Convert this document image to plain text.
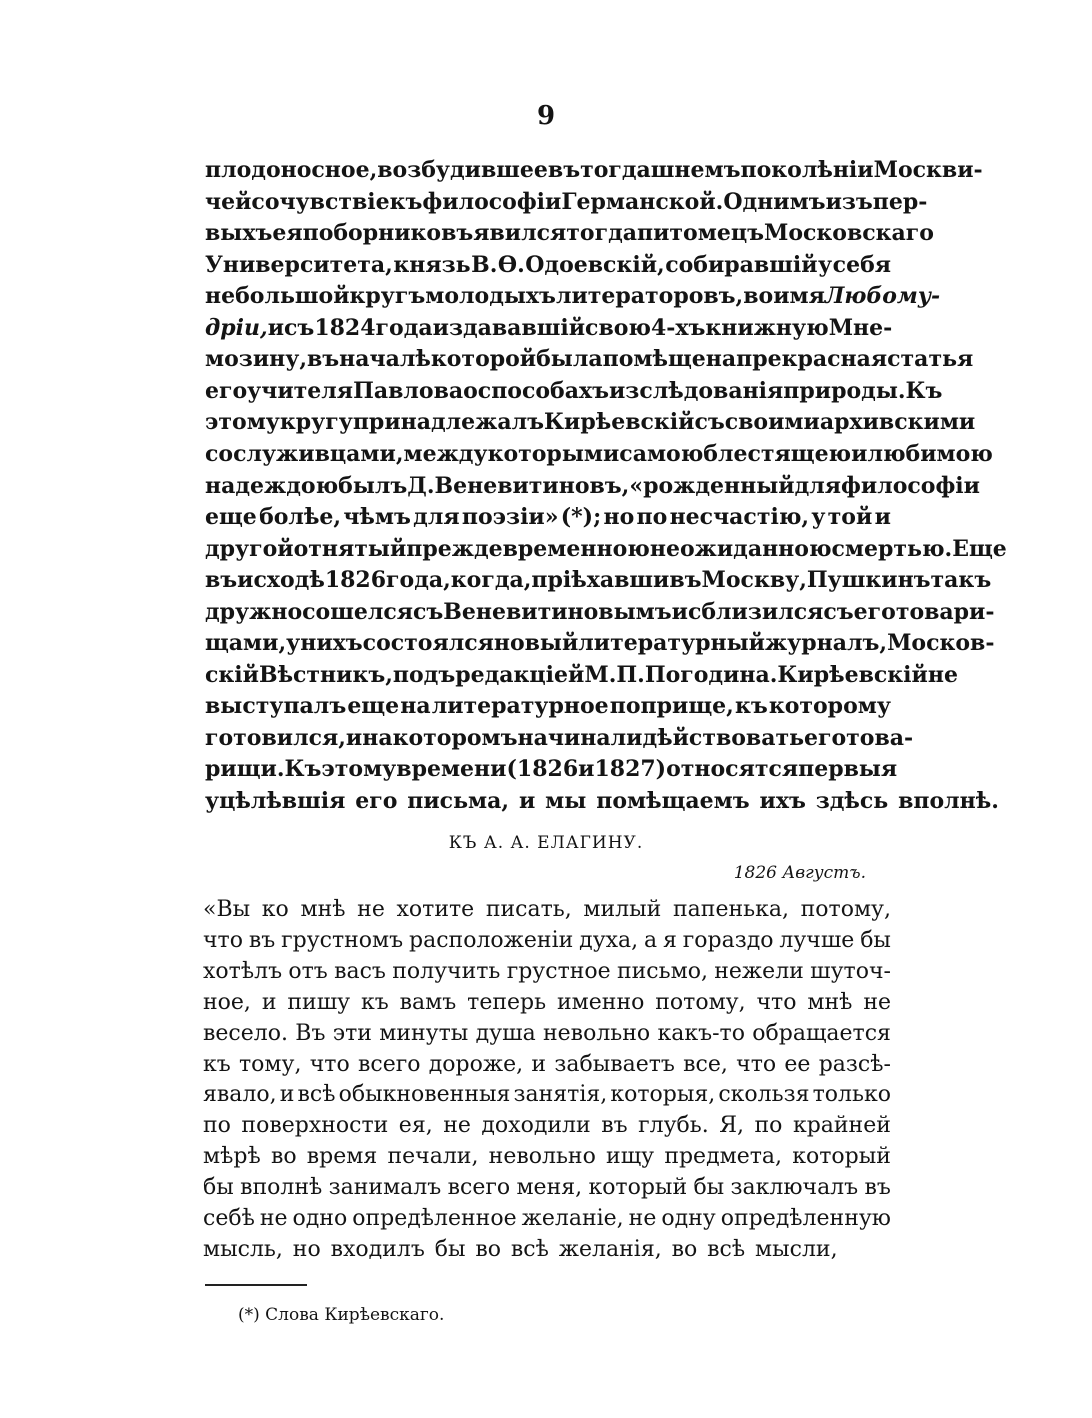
9
плодоносное, возбудившее въ тогдашнемъ поколѣніи Москви-
чей сочувствіе къ философіи Германской. Однимъ изъ пер-
выхъ ея поборниковъ явился тогда питомецъ Московскаго
Университета, князь В. Ѳ. Одоевскій, собиравшій у себя
небольшой кругъ молодыхъ литераторовъ, во имя Любому-
дріи, и съ 1824 года издававшій свою 4-хъ книжную Мне-
мозину, въ началѣ которой была помѣщена прекрасная статья
его учителя Павлова о способахъ изслѣдованія природы. Къ
этому кругу принадлежалъ Кирѣевскій съ своими архивскими
сослуживцами, между которыми самою блестящею и любимою
надеждою былъ Д. Веневитиновъ, «рожденный для философіи
еще болѣе, чѣмъ для поэзіи» (*); но по несчастію, у той и
другой отнятый преждевременною неожиданною смертью. Еще
въ исходѣ 1826 года, когда, пріѣхавши въ Москву, Пушкинъ такъ
дружно сошелся съ Веневитиновымъ и сблизился съ его товари-
щами, у нихъ состоялся новый литературный журналъ, Москов-
скій Вѣстникъ, подъ редакціей М. П. Погодина. Кирѣевскій не
выступалъ еще на литературное поприще, къ которому
готовился, и на которомъ начинали дѣйствовать его това-
рищи. Къ этому времени (1826 и 1827) относятся первыя
уцѣлѣвшія его письма, и мы помѣщаемъ ихъ здѣсь вполнѣ.
КЪ А. А. ЕЛАГИНУ.
1826 Августъ.
«Вы ко мнѣ не хотите писать, милый папенька, потому,
что въ грустномъ расположеніи духа, а я гораздо лучше бы
хотѣлъ отъ васъ получить грустное письмо, нежели шуточ-
ное, и пишу къ вамъ теперь именно потому, что мнѣ не
весело. Въ эти минуты душа невольно какъ-то обращается
къ тому, что всего дороже, и забываетъ все, что ее разсѣ-
явало, и всѣ обыкновенныя занятія, которыя, скользя только
по поверхности ея, не доходили въ глубь. Я, по крайней
мѣрѣ во время печали, невольно ищу предмета, который
бы вполнѣ занималъ всего меня, который бы заключалъ въ
себѣ не одно опредѣленное желаніе, не одну опредѣленную
мысль, но входилъ бы во всѣ желанія, во всѣ мысли,
(*) Слова Кирѣевскаго.
